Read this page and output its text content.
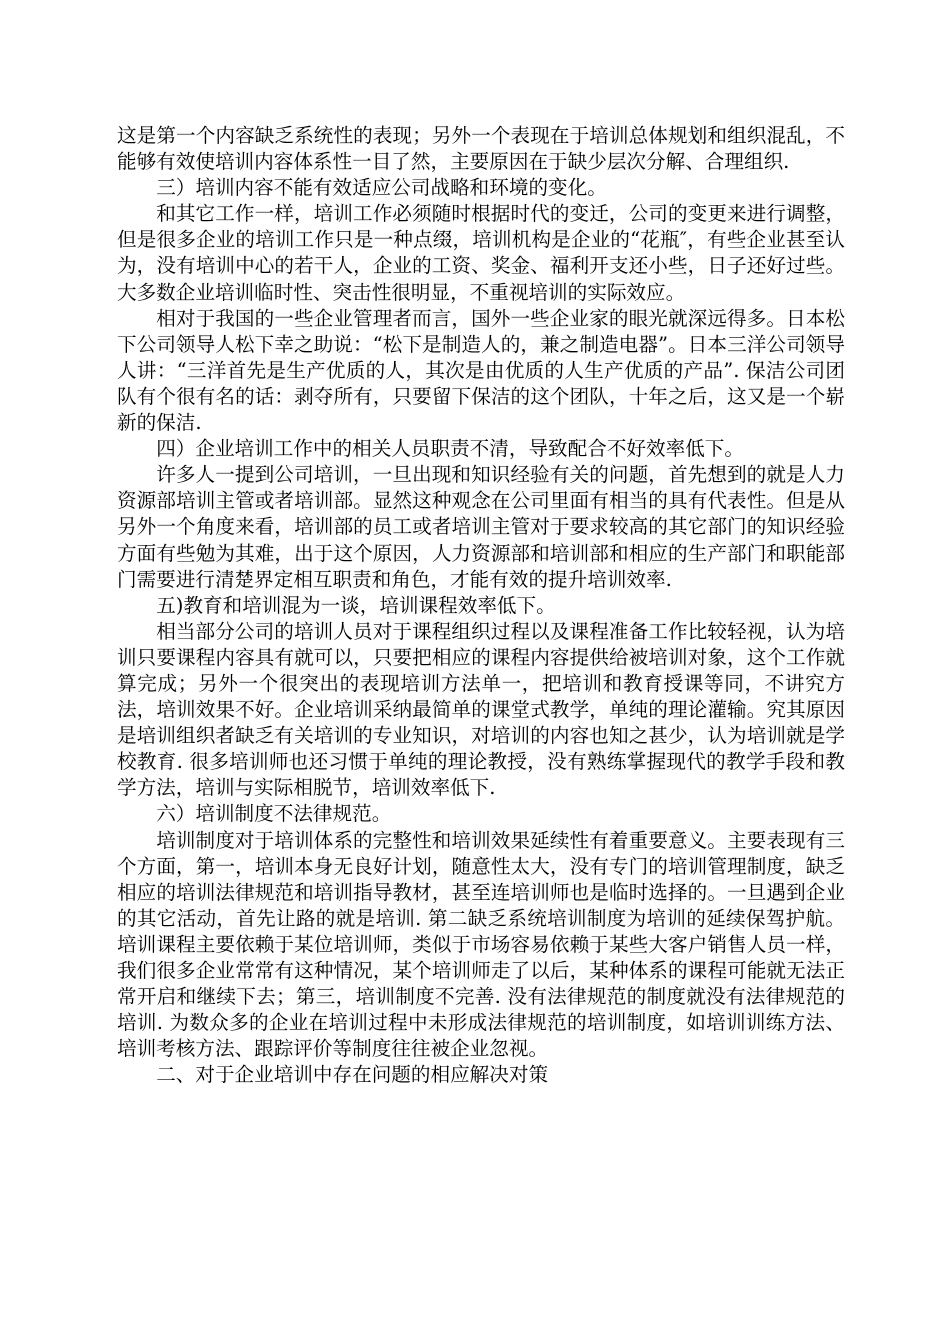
这是第一个内容缺乏系统性的表现；另外一个表现在于培训总体规划和组织混乱，不能够有效使培训内容体系性一目了然，主要原因在于缺少层次分解、合理组织.

三）培训内容不能有效适应公司战略和环境的变化。

和其它工作一样，培训工作必须随时根据时代的变迁，公司的变更来进行调整，但是很多企业的培训工作只是一种点缀，培训机构是企业的“花瓶″，有些企业甚至认为，没有培训中心的若干人，企业的工资、奖金、福利开支还小些，日子还好过些。大多数企业培训临时性、突击性很明显，不重视培训的实际效应。

相对于我国的一些企业管理者而言，国外一些企业家的眼光就深远得多。日本松下公司领导人松下幸之助说：“松下是制造人的，兼之制造电器”。日本三洋公司领导人讲：“三洋首先是生产优质的人，其次是由优质的人生产优质的产品”. 保洁公司团队有个很有名的话：剥夺所有，只要留下保洁的这个团队，十年之后，这又是一个崭新的保洁.

四）企业培训工作中的相关人员职责不清，导致配合不好效率低下。

许多人一提到公司培训，一旦出现和知识经验有关的问题，首先想到的就是人力资源部培训主管或者培训部。显然这种观念在公司里面有相当的具有代表性。但是从另外一个角度来看，培训部的员工或者培训主管对于要求较高的其它部门的知识经验方面有些勉为其难，出于这个原因，人力资源部和培训部和相应的生产部门和职能部门需要进行清楚界定相互职责和角色，才能有效的提升培训效率.

五)教育和培训混为一谈，培训课程效率低下。

相当部分公司的培训人员对于课程组织过程以及课程准备工作比较轻视，认为培训只要课程内容具有就可以，只要把相应的课程内容提供给被培训对象，这个工作就算完成；另外一个很突出的表现培训方法单一，把培训和教育授课等同，不讲究方法，培训效果不好。企业培训采纳最简单的课堂式教学，单纯的理论灌输。究其原因是培训组织者缺乏有关培训的专业知识，对培训的内容也知之甚少，认为培训就是学校教育. 很多培训师也还习惯于单纯的理论教授，没有熟练掌握现代的教学手段和教学方法，培训与实际相脱节，培训效率低下.

六）培训制度不法律规范。

培训制度对于培训体系的完整性和培训效果延续性有着重要意义。主要表现有三个方面，第一，培训本身无良好计划，随意性太大，没有专门的培训管理制度，缺乏相应的培训法律规范和培训指导教材，甚至连培训师也是临时选择的。一旦遇到企业的其它活动，首先让路的就是培训. 第二缺乏系统培训制度为培训的延续保驾护航。培训课程主要依赖于某位培训师，类似于市场容易依赖于某些大客户销售人员一样，我们很多企业常常有这种情况，某个培训师走了以后，某种体系的课程可能就无法正常开启和继续下去；第三，培训制度不完善. 没有法律规范的制度就没有法律规范的培训. 为数众多的企业在培训过程中未形成法律规范的培训制度，如培训训练方法、培训考核方法、跟踪评价等制度往往被企业忽视。

二、对于企业培训中存在问题的相应解决对策
